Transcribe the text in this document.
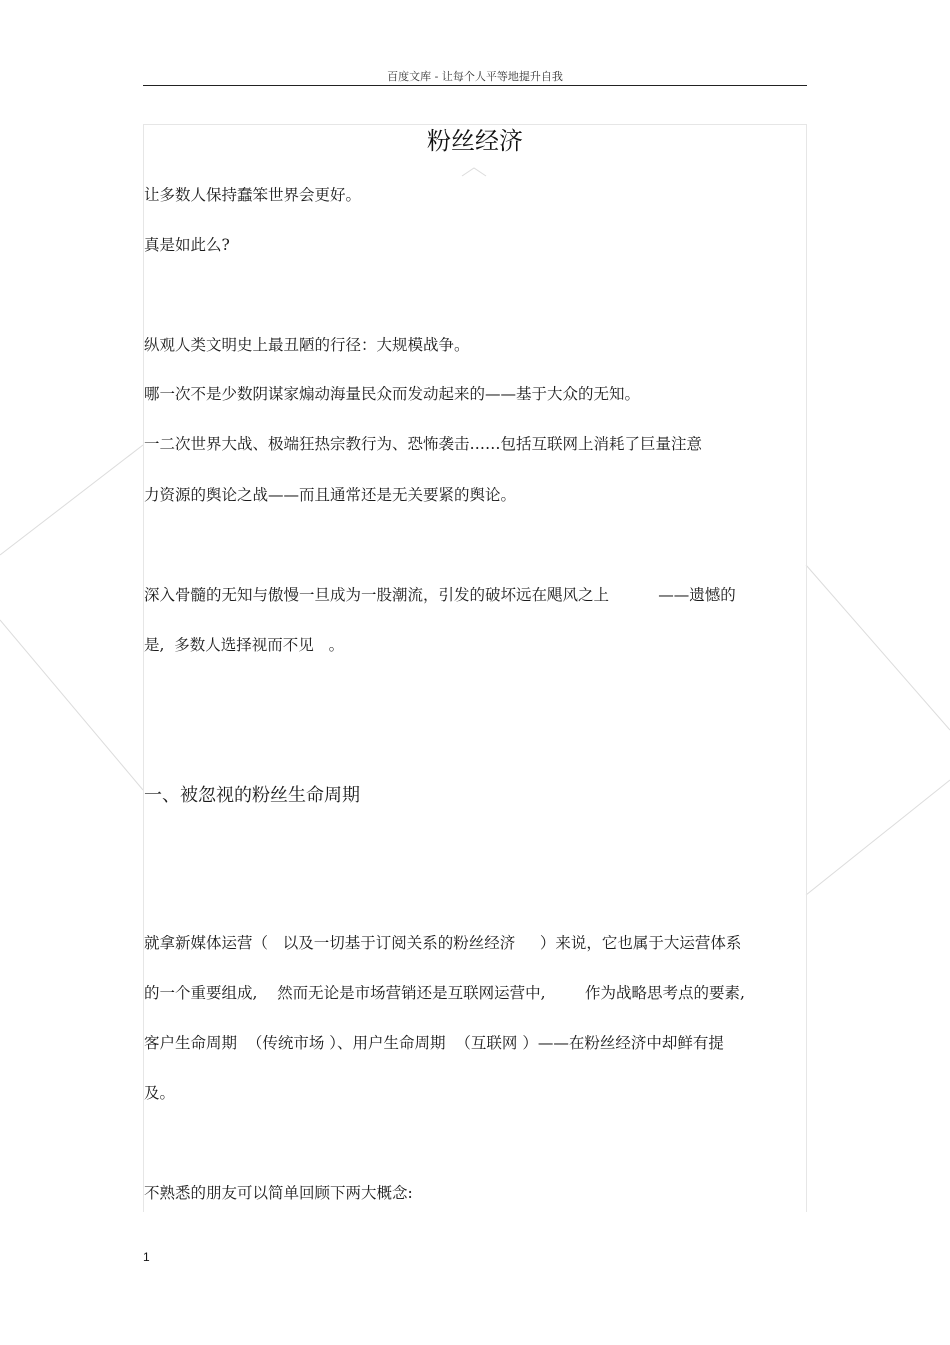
百度文库 - 让每个人平等地提升自我
粉丝经济
让多数人保持蠢笨世界会更好。
真是如此么?
纵观人类文明史上最丑陋的行径：大规模战争。
哪一次不是少数阴谋家煽动海量民众而发动起来的——基于大众的无知。
一二次世界大战、极端狂热宗教行为、恐怖袭击……包括互联网上消耗了巨量注意
力资源的舆论之战——而且通常还是无关要紧的舆论。
深入骨髓的无知与傲慢一旦成为一股潮流，引发的破坏远在飓风之上          ——遗憾的
是,  多数人选择视而不见   。
一、被忽视的粉丝生命周期
就拿新媒体运营（   以及一切基于订阅关系的粉丝经济     ）来说，它也属于大运营体系
的一个重要组成,    然而无论是市场营销还是互联网运营中,        作为战略思考点的要素,
客户生命周期  （传统市场 ）、用户生命周期  （互联网 ）——在粉丝经济中却鲜有提
及。
不熟悉的朋友可以简单回顾下两大概念:
1
